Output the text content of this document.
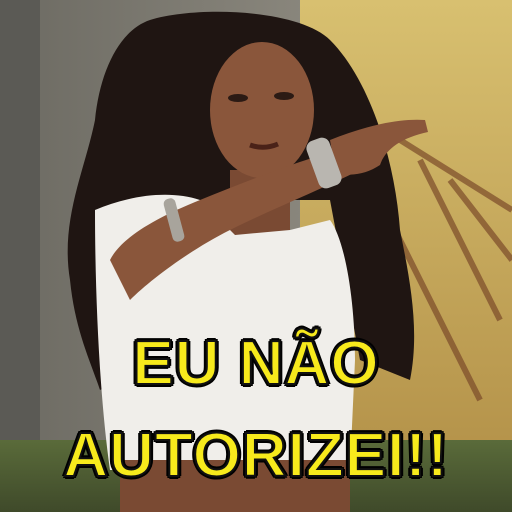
EU NÃO
AUTORIZEI!!
